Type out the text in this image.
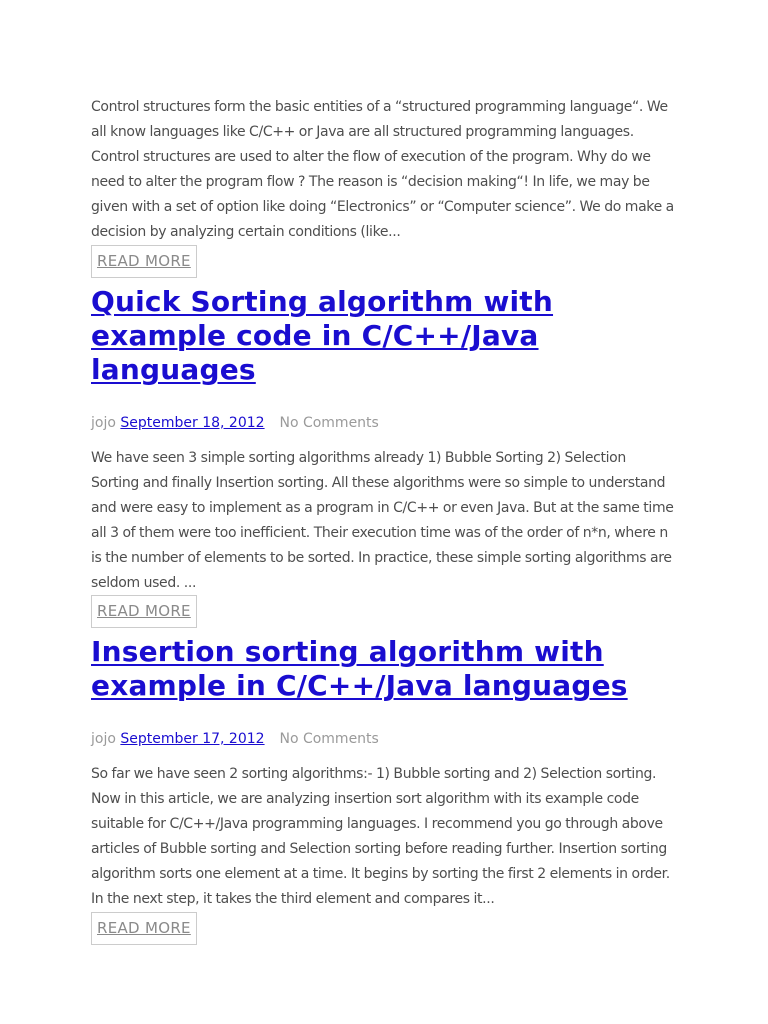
Control structures form the basic entities of a “structured programming language“. We
all know languages like C/C++ or Java are all structured programming languages.
Control structures are used to alter the flow of execution of the program. Why do we
need to alter the program flow ? The reason is “decision making“! In life, we may be
given with a set of option like doing “Electronics” or “Computer science”. We do make a
decision by analyzing certain conditions (like...

READ MORE
Quick Sorting algorithm with
example code in C/C++/Java
languages
jojo September 18, 2012 No Comments

We have seen 3 simple sorting algorithms already 1) Bubble Sorting 2) Selection
Sorting and finally Insertion sorting. All these algorithms were so simple to understand
and were easy to implement as a program in C/C++ or even Java. But at the same time
all 3 of them were too inefficient. Their execution time was of the order of n*n, where n
is the number of elements to be sorted. In practice, these simple sorting algorithms are
seldom used. ...

READ MORE
Insertion sorting algorithm with
example in C/C++/Java languages
jojo September 17, 2012 No Comments

So far we have seen 2 sorting algorithms:- 1) Bubble sorting and 2) Selection sorting.
Now in this article, we are analyzing insertion sort algorithm with its example code
suitable for C/C++/Java programming languages. I recommend you go through above
articles of Bubble sorting and Selection sorting before reading further. Insertion sorting
algorithm sorts one element at a time. It begins by sorting the first 2 elements in order.
In the next step, it takes the third element and compares it...

READ MORE
